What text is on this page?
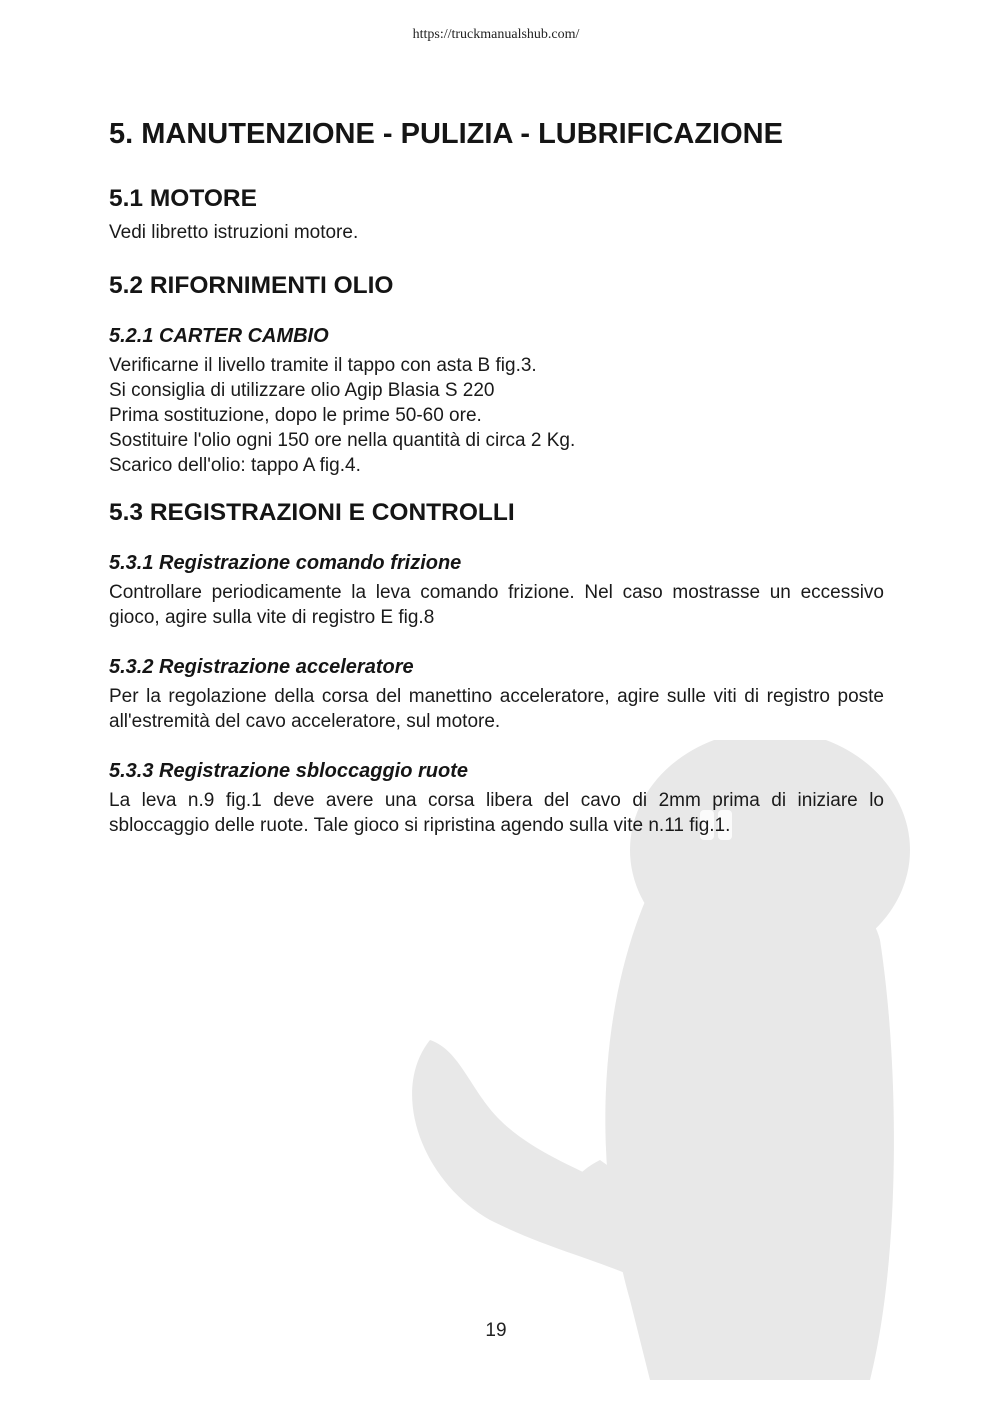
https://truckmanualshub.com/
5. MANUTENZIONE - PULIZIA - LUBRIFICAZIONE
5.1 MOTORE

Vedi libretto istruzioni motore.

5.2 RIFORNIMENTI OLIO
5.2.1 CARTER CAMBIO

Verificarne il livello tramite il tappo con asta B fig.3.

Si consiglia di utilizzare olio Agip Blasia S 220

Prima sostituzione, dopo le prime 50-60 ore.

Sostituire l'olio ogni 150 ore nella quantità di circa 2 Kg.

Scarico dell'olio: tappo A fig.4.

5.3 REGISTRAZIONI E CONTROLLI
5.3.1 Registrazione comando frizione

Controllare periodicamente la leva comando frizione. Nel caso mostrasse un eccessivo gioco, agire sulla vite di registro E fig.8

5.3.2 Registrazione acceleratore

Per la regolazione della corsa del manettino acceleratore, agire sulle viti di registro poste all'estremità del cavo acceleratore, sul motore.

5.3.3 Registrazione sbloccaggio ruote

La leva n.9 fig.1 deve avere una corsa libera del cavo di 2mm prima di iniziare lo sbloccaggio delle ruote. Tale gioco si ripristina agendo sulla vite n.11 fig.1.

19
